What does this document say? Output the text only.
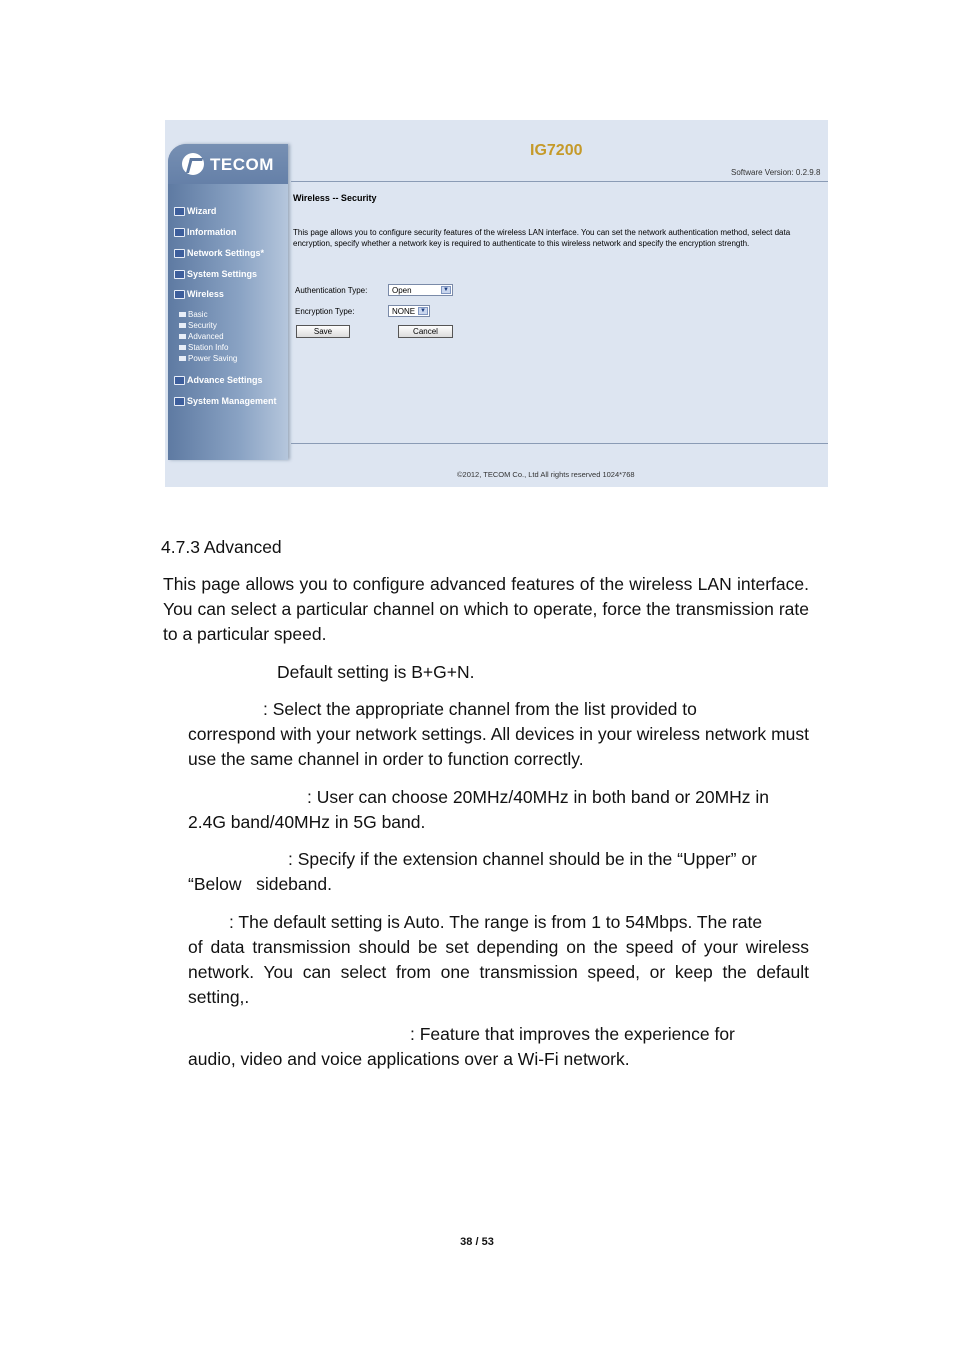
TECOM
Wizard
Information
Network Settings*
System Settings
Wireless
Basic
Security
Advanced
Station Info
Power Saving
Advance Settings
System Management
IG7200
Software Version: 0.2.9.8
Wireless -- Security
This page allows you to configure security features of the wireless LAN interface. You can set the network authentication method, select data encryption, specify whether a network key is required to authenticate to this wireless network and specify the encryption strength.
Authentication Type:	Open	▼
Encryption Type:	NONE ▼
Save	Cancel
©2012, TECOM Co., Ltd All rights reserved 1024*768
4.7.3 Advanced
This page allows you to configure advanced features of the wireless LAN interface. You can select a particular channel on which to operate, force the transmission rate to a particular speed.
Default setting is B+G+N.
: Select the appropriate channel from the list provided to
correspond with your network settings. All devices in your wireless network must use the same channel in order to function correctly.
: User can choose 20MHz/40MHz in both band or 20MHz in
2.4G band/40MHz in 5G band.
: Specify if the extension channel should be in the “Upper” or
“Below   sideband.
: The default setting is Auto. The range is from 1 to 54Mbps. The rate
of data transmission should be set depending on the speed of your wireless network. You can select from one transmission speed, or keep the default setting,.
: Feature that improves the experience for
audio, video and voice applications over a Wi-Fi network.
38 / 53
